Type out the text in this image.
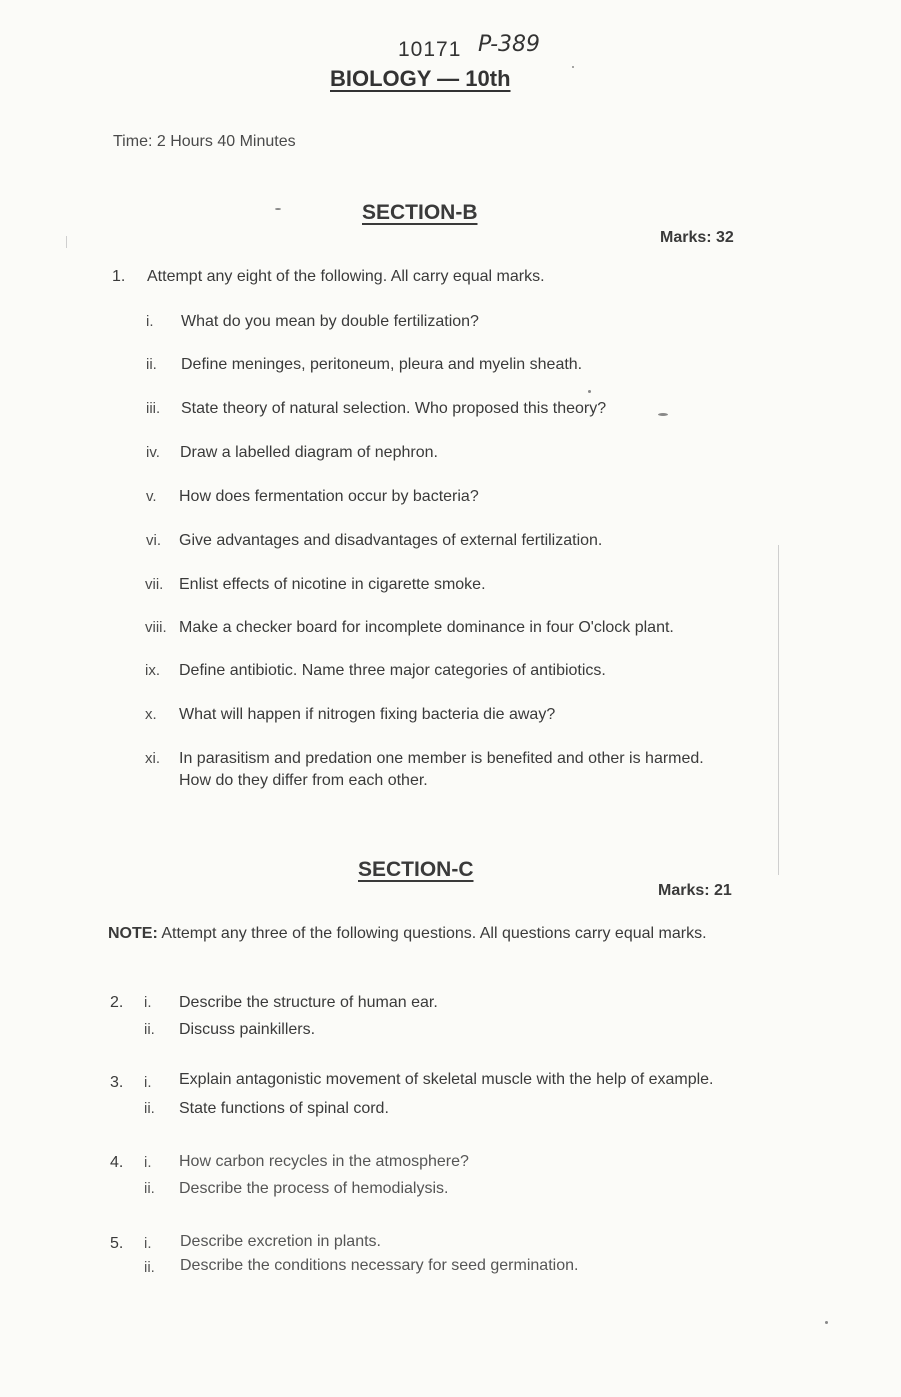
10171 P-389
BIOLOGY — 10th
Time: 2 Hours 40 Minutes
SECTION-B
Marks: 32
1. Attempt any eight of the following. All carry equal marks.
i. What do you mean by double fertilization?
ii. Define meninges, peritoneum, pleura and myelin sheath.
iii. State theory of natural selection. Who proposed this theory?
iv. Draw a labelled diagram of nephron.
v. How does fermentation occur by bacteria?
vi. Give advantages and disadvantages of external fertilization.
vii. Enlist effects of nicotine in cigarette smoke.
viii. Make a checker board for incomplete dominance in four O'clock plant.
ix. Define antibiotic. Name three major categories of antibiotics.
x. What will happen if nitrogen fixing bacteria die away?
xi. In parasitism and predation one member is benefited and other is harmed.
How do they differ from each other.
SECTION-C
Marks: 21
NOTE: Attempt any three of the following questions. All questions carry equal marks.
2. i. Describe the structure of human ear.
ii. Discuss painkillers.
3. i. Explain antagonistic movement of skeletal muscle with the help of example.
ii. State functions of spinal cord.
4. i. How carbon recycles in the atmosphere?
ii. Describe the process of hemodialysis.
5. i. Describe excretion in plants.
ii. Describe the conditions necessary for seed germination.
